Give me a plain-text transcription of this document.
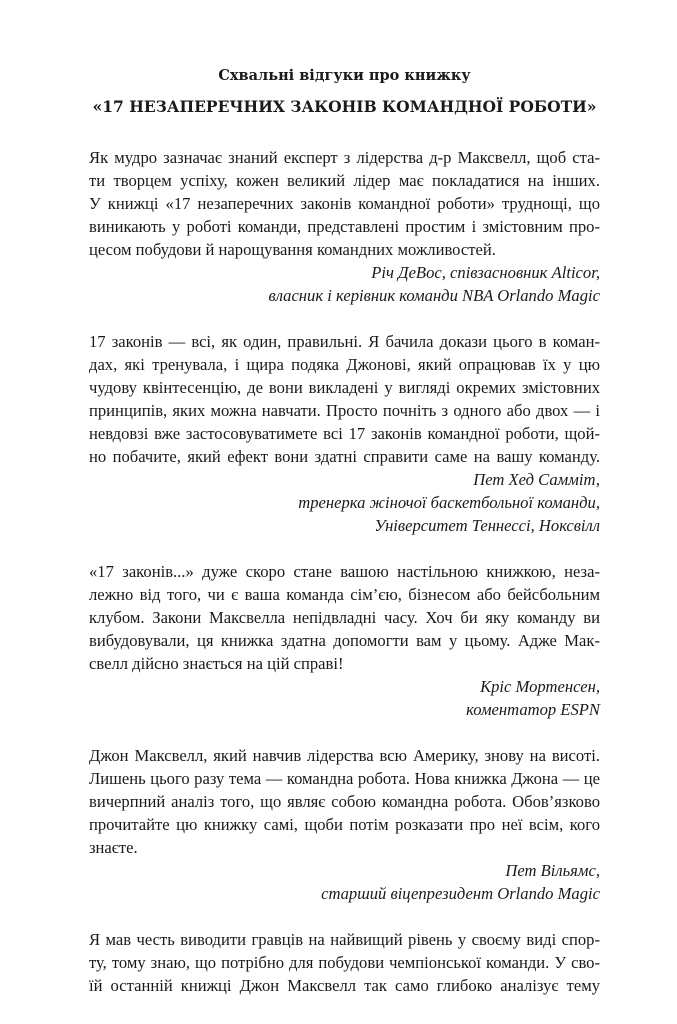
Схвальні відгуки про книжку
«17 НЕЗАПЕРЕЧНИХ ЗАКОНІВ КОМАНДНОЇ РОБОТИ»

Як мудро зазначає знаний експерт з лідерства д-р Максвелл, щоб ста-
ти творцем успіху, кожен великий лідер має покладатися на інших.
У книжці «17 незаперечних законів командної роботи» труднощі, що
виникають у роботі команди, представлені простим і змістовним про-
цесом побудови й нарощування командних можливостей.

Річ ДеВос, співзасновник Alticor,
власник і керівник команди NBA Orlando Magic

17 законів — всі, як один, правильні. Я бачила докази цього в коман-
дах, які тренувала, і щира подяка Джонові, який опрацював їх у цю
чудову квінтесенцію, де вони викладені у вигляді окремих змістовних
принципів, яких можна навчати. Просто почніть з одного або двох — і
невдовзі вже застосовуватимете всі 17 законів командної роботи, щой-
но побачите, який ефект вони здатні справити саме на вашу команду.

Пет Хед Самміт,
тренерка жіночої баскетбольної команди,
Університет Теннессі, Ноксвілл

«17 законів...» дуже скоро стане вашою настільною книжкою, неза-
лежно від того, чи є ваша команда сім’єю, бізнесом або бейсбольним
клубом. Закони Максвелла непідвладні часу. Хоч би яку команду ви
вибудовували, ця книжка здатна допомогти вам у цьому. Адже Мак-
свелл дійсно знається на цій справі!

Кріс Мортенсен,
коментатор ESPN

Джон Максвелл, який навчив лідерства всю Америку, знову на висоті.
Лишень цього разу тема — командна робота. Нова книжка Джона — це
вичерпний аналіз того, що являє собою командна робота. Обов’язково
прочитайте цю книжку самі, щоби потім розказати про неї всім, кого
знаєте.

Пет Вільямс,
старший віцепрезидент Orlando Magic

Я мав честь виводити гравців на найвищий рівень у своєму виді спор-
ту, тому знаю, що потрібно для побудови чемпіонської команди. У сво-
їй останній книжці Джон Максвелл так само глибоко аналізує тему
